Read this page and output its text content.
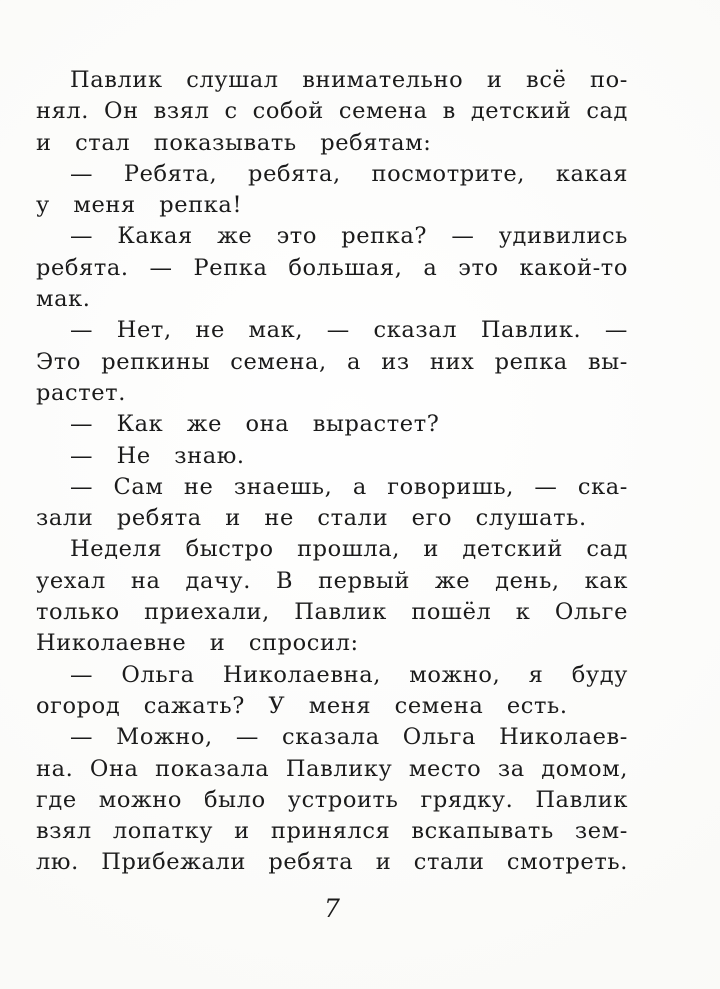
Павлик слушал внимательно и всё по-
нял. Он взял с собой семена в детский сад
и стал показывать ребятам:
— Ребята, ребята, посмотрите, какая
у меня репка!
— Какая же это репка? — удивились
ребята. — Репка большая, а это какой-то
мак.
— Нет, не мак, — сказал Павлик. —
Это репкины семена, а из них репка вы-
растет.
— Как же она вырастет?
— Не знаю.
— Сам не знаешь, а говоришь, — ска-
зали ребята и не стали его слушать.
Неделя быстро прошла, и детский сад
уехал на дачу. В первый же день, как
только приехали, Павлик пошёл к Ольге
Николаевне и спросил:
— Ольга Николаевна, можно, я буду
огород сажать? У меня семена есть.
— Можно, — сказала Ольга Николаев-
на. Она показала Павлику место за домом,
где можно было устроить грядку. Павлик
взял лопатку и принялся вскапывать зем-
лю. Прибежали ребята и стали смотреть.
7
